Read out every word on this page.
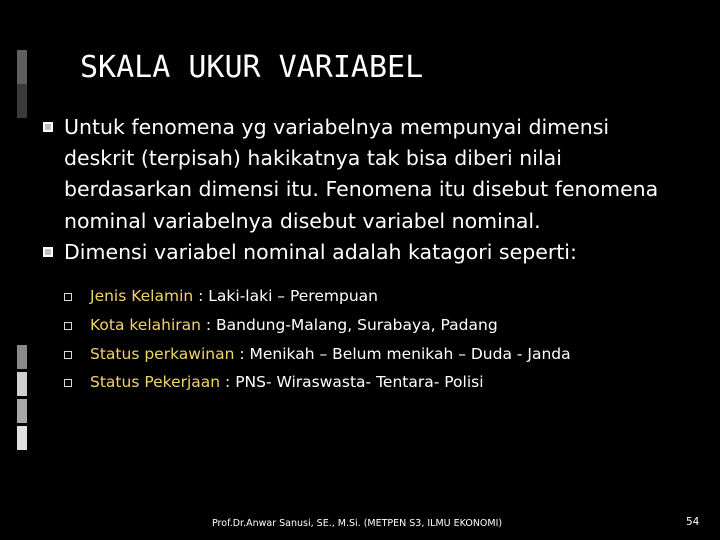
SKALA UKUR VARIABEL
Untuk fenomena yg variabelnya mempunyai dimensi deskrit (terpisah) hakikatnya tak bisa diberi nilai berdasarkan dimensi itu. Fenomena itu disebut fenomena nominal variabelnya disebut variabel nominal.
Dimensi variabel nominal adalah katagori seperti:
Jenis Kelamin : Laki-laki – Perempuan
Kota kelahiran : Bandung-Malang, Surabaya, Padang
Status perkawinan : Menikah – Belum menikah – Duda - Janda
Status Pekerjaan : PNS- Wiraswasta- Tentara- Polisi
Prof.Dr.Anwar Sanusi, SE., M.Si. (METPEN S3, ILMU EKONOMI)	54
